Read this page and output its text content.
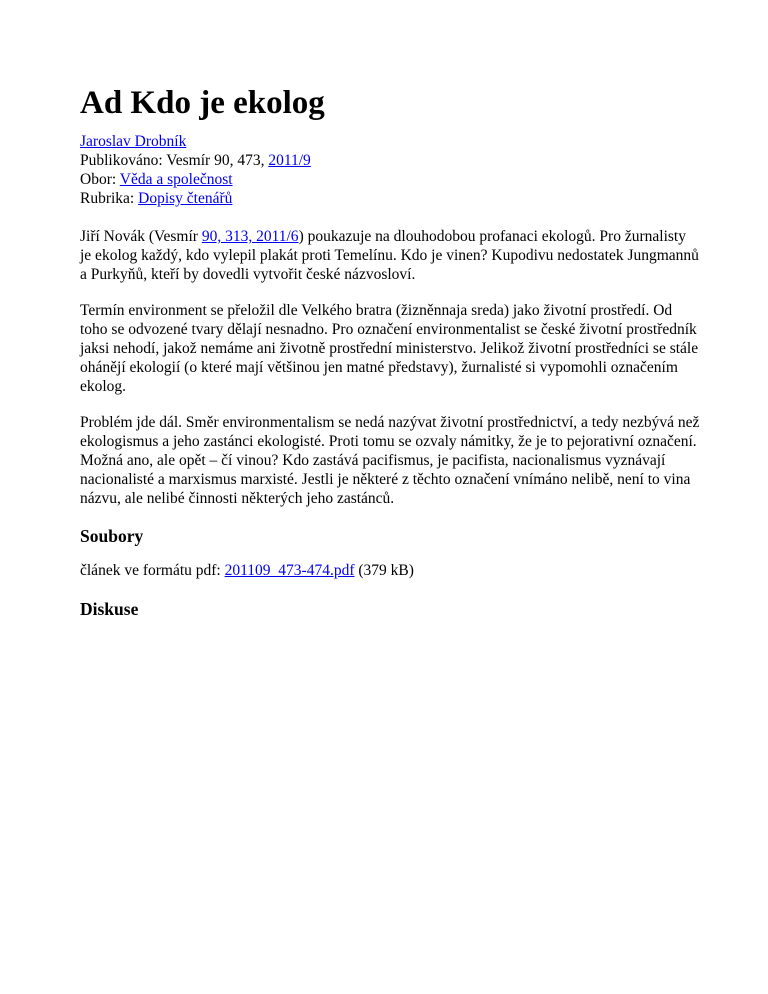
Ad Kdo je ekolog
Jaroslav Drobník
Publikováno: Vesmír 90, 473, 2011/9
Obor: Věda a společnost
Rubrika: Dopisy čtenářů

Jiří Novák (Vesmír 90, 313, 2011/6) poukazuje na dlouhodobou profanaci ekologů. Pro žurnalisty je ekolog každý, kdo vylepil plakát proti Temelínu. Kdo je vinen? Kupodivu nedostatek Jungmannů a Purkyňů, kteří by dovedli vytvořit české názvosloví.

Termín environment se přeložil dle Velkého bratra (žizněnnaja sreda) jako životní prostředí. Od toho se odvozené tvary dělají nesnadno. Pro označení environmentalist se české životní prostředník jaksi nehodí, jakož nemáme ani životně prostřední ministerstvo. Jelikož životní prostředníci se stále ohánějí ekologií (o které mají většinou jen matné představy), žurnalisté si vypomohli označením ekolog.

Problém jde dál. Směr environmentalism se nedá nazývat životní prostřednictví, a tedy nezbývá než ekologismus a jeho zastánci ekologisté. Proti tomu se ozvaly námitky, že je to pejorativní označení. Možná ano, ale opět – čí vinou? Kdo zastává pacifismus, je pacifista, nacionalismus vyznávají nacionalisté a marxismus marxisté. Jestli je některé z těchto označení vnímáno nelibě, není to vina názvu, ale nelibé činnosti některých jeho zastánců.

Soubory
článek ve formátu pdf: 201109_473-474.pdf (379 kB)
Diskuse
